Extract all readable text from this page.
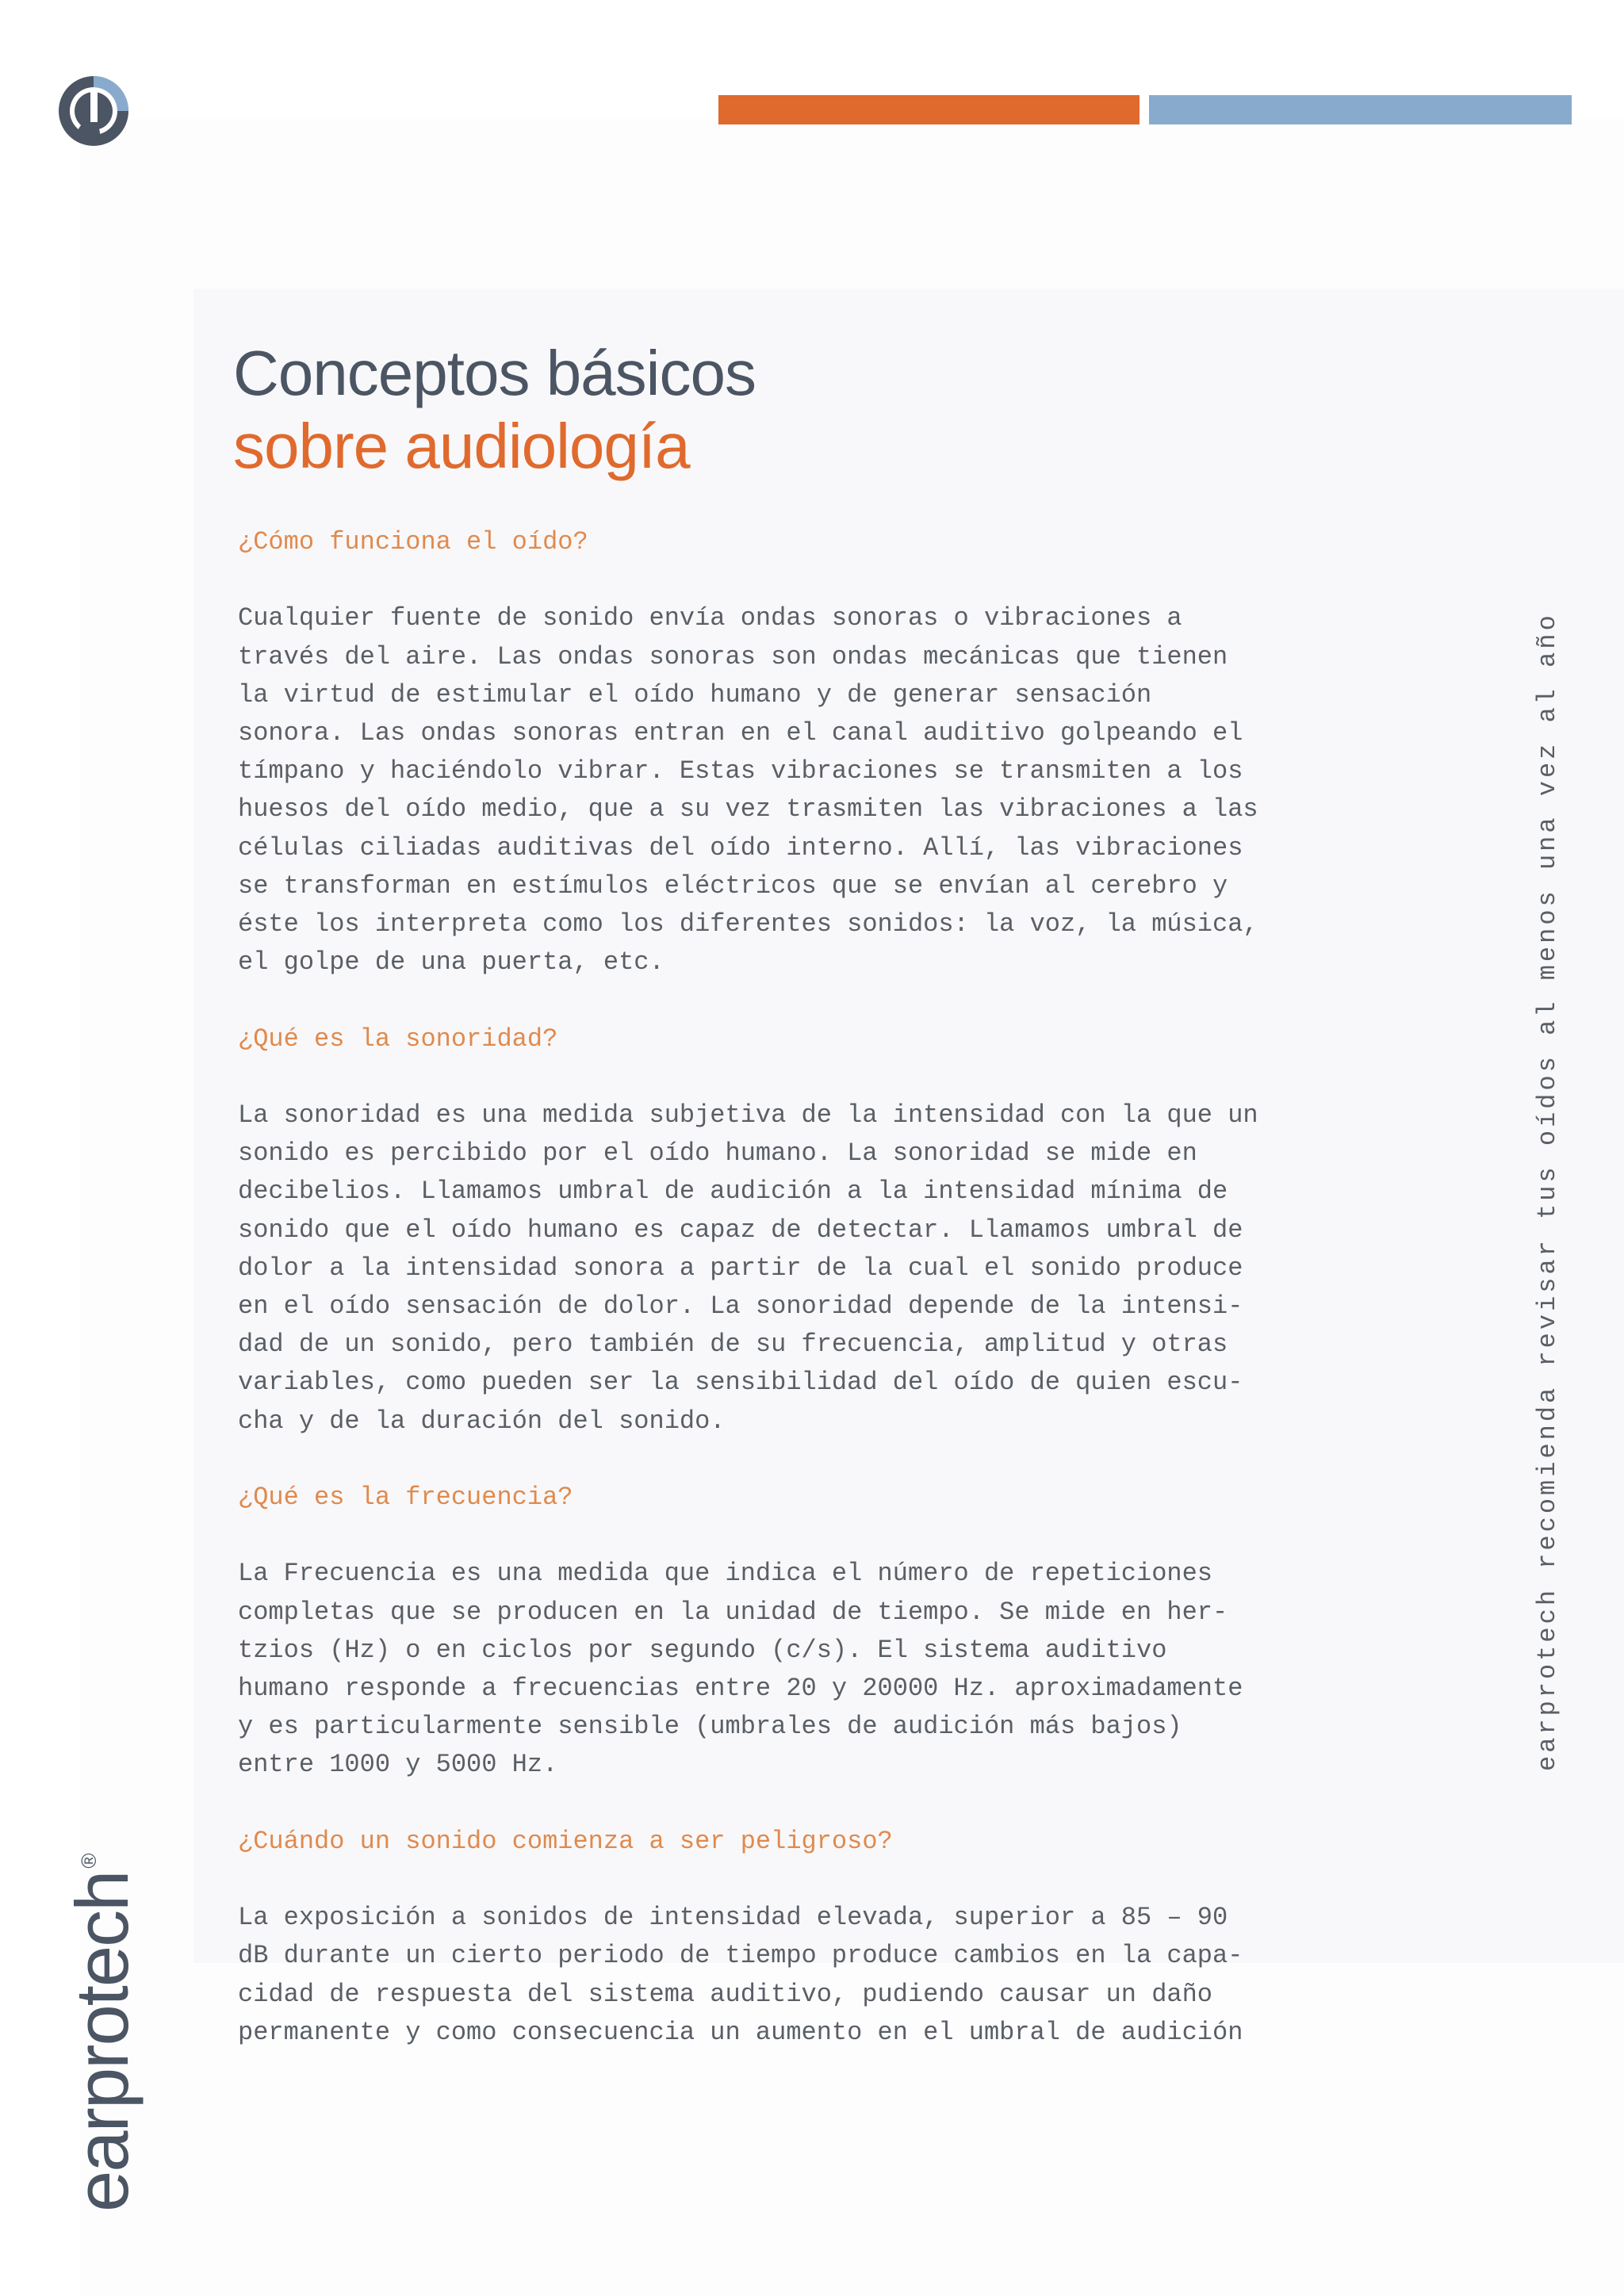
Conceptos básicos
sobre audiología
¿Cómo funciona el oído?

Cualquier fuente de sonido envía ondas sonoras o vibraciones a
través del aire. Las ondas sonoras son ondas mecánicas que tienen
la virtud de estimular el oído humano y de generar sensación
sonora. Las ondas sonoras entran en el canal auditivo golpeando el
tímpano y haciéndolo vibrar. Estas vibraciones se transmiten a los
huesos del oído medio, que a su vez trasmiten las vibraciones a las
células ciliadas auditivas del oído interno. Allí, las vibraciones
se transforman en estímulos eléctricos que se envían al cerebro y
éste los interpreta como los diferentes sonidos: la voz, la música,
el golpe de una puerta, etc.

¿Qué es la sonoridad?

La sonoridad es una medida subjetiva de la intensidad con la que un
sonido es percibido por el oído humano. La sonoridad se mide en
decibelios. Llamamos umbral de audición a la intensidad mínima de
sonido que el oído humano es capaz de detectar. Llamamos umbral de
dolor a la intensidad sonora a partir de la cual el sonido produce
en el oído sensación de dolor. La sonoridad depende de la intensi-
dad de un sonido, pero también de su frecuencia, amplitud y otras
variables, como pueden ser la sensibilidad del oído de quien escu-
cha y de la duración del sonido.

¿Qué es la frecuencia?

La Frecuencia es una medida que indica el número de repeticiones
completas que se producen en la unidad de tiempo. Se mide en her-
tzios (Hz) o en ciclos por segundo (c/s). El sistema auditivo
humano responde a frecuencias entre 20 y 20000 Hz. aproximadamente
y es particularmente sensible (umbrales de audición más bajos)
entre 1000 y 5000 Hz.

¿Cuándo un sonido comienza a ser peligroso?

La exposición a sonidos de intensidad elevada, superior a 85 – 90
dB durante un cierto periodo de tiempo produce cambios en la capa-
cidad de respuesta del sistema auditivo, pudiendo causar un daño
permanente y como consecuencia un aumento en el umbral de audición

earprotech recomienda revisar tus oídos al menos una vez al año
earprotech®
